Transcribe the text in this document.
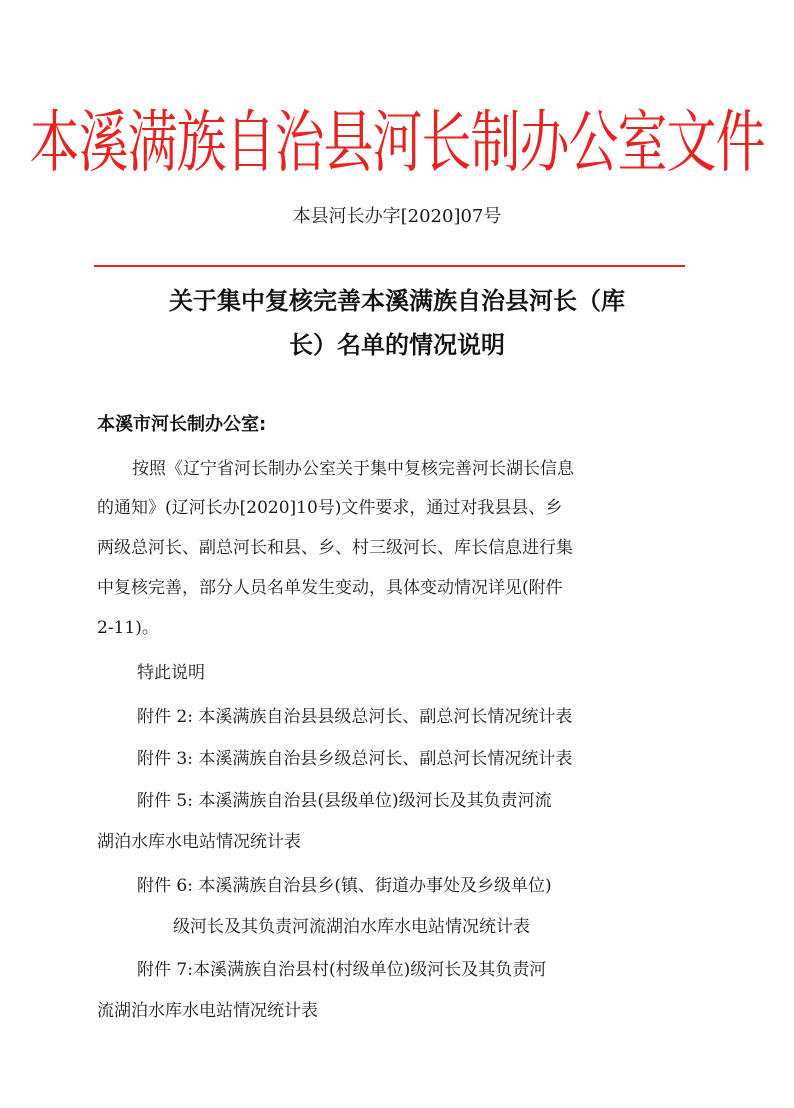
本溪满族自治县河长制办公室文件
本县河长办字[2020]07号
关于集中复核完善本溪满族自治县河长（库
长）名单的情况说明
本溪市河长制办公室:
按照《辽宁省河长制办公室关于集中复核完善河长湖长信息
的通知》(辽河长办[2020]10号)文件要求，通过对我县县、乡
两级总河长、副总河长和县、乡、村三级河长、库长信息进行集
中复核完善，部分人员名单发生变动，具体变动情况详见(附件
2-11)。
特此说明
附件 2: 本溪满族自治县县级总河长、副总河长情况统计表
附件 3: 本溪满族自治县乡级总河长、副总河长情况统计表
附件 5: 本溪满族自治县(县级单位)级河长及其负责河流
湖泊水库水电站情况统计表
附件 6: 本溪满族自治县乡(镇、街道办事处及乡级单位)
级河长及其负责河流湖泊水库水电站情况统计表
附件 7:本溪满族自治县村(村级单位)级河长及其负责河
流湖泊水库水电站情况统计表
